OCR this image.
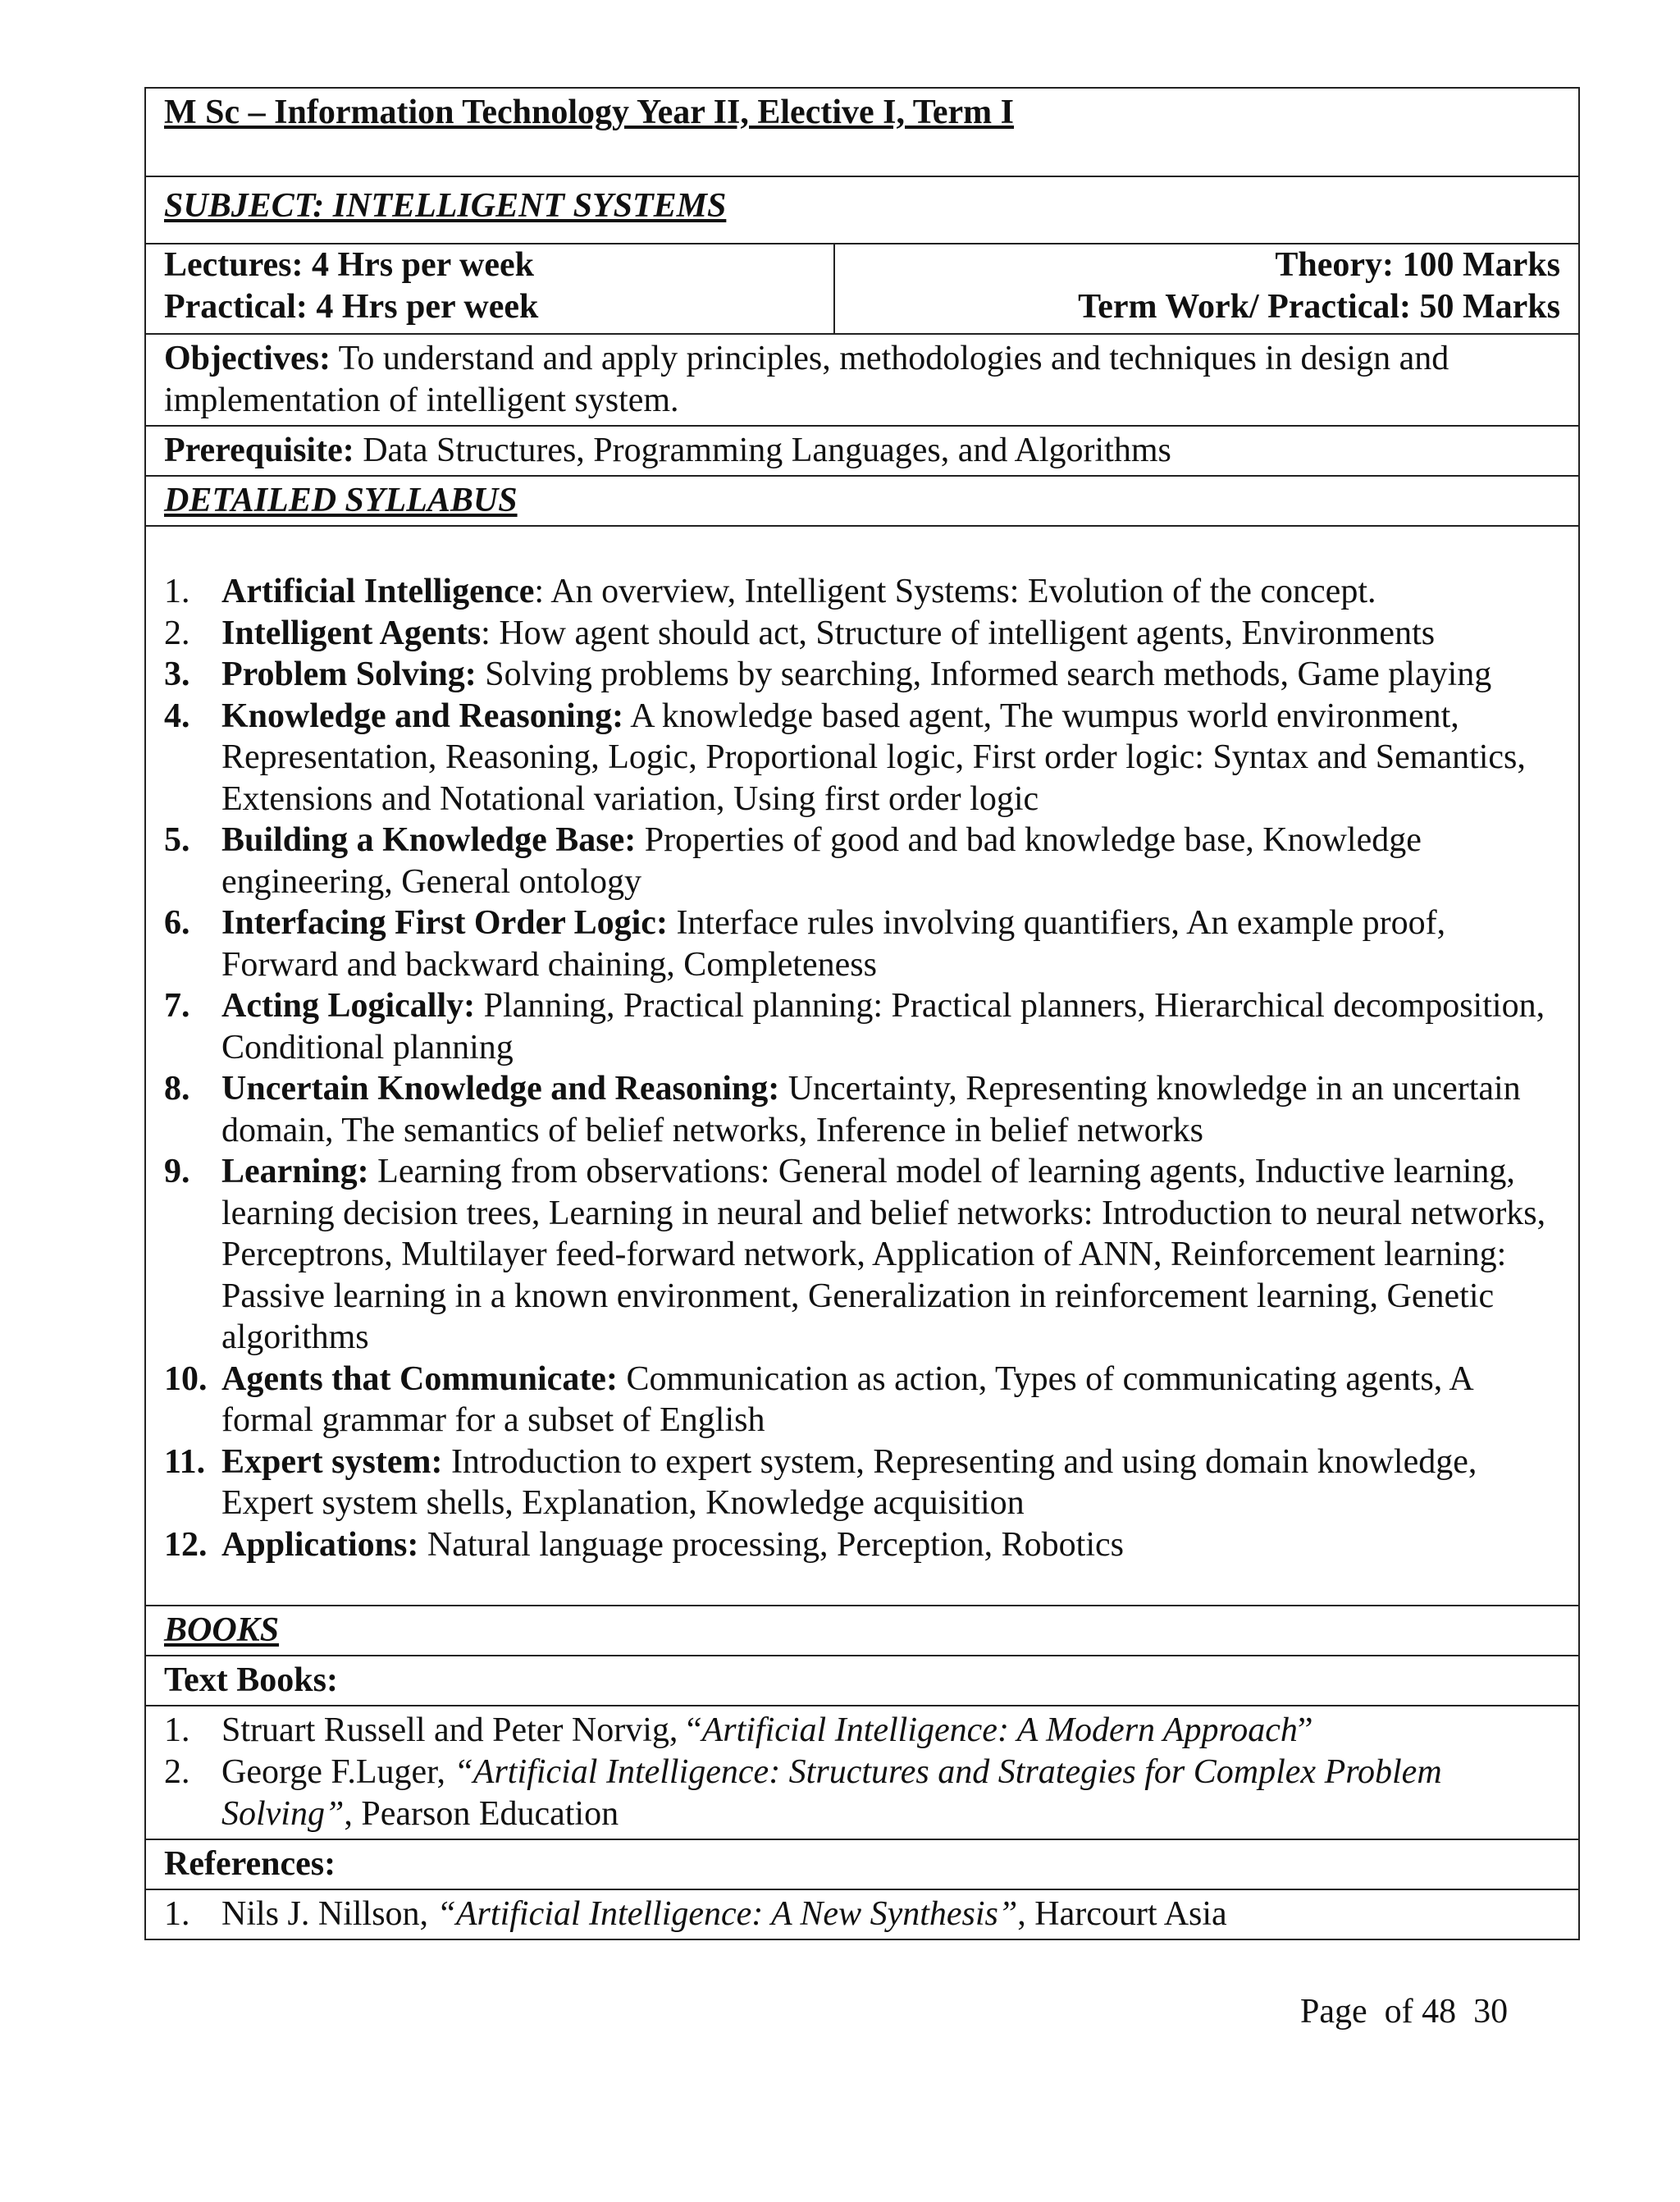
M Sc – Information Technology Year II, Elective I, Term I
SUBJECT: INTELLIGENT SYSTEMS
Lectures: 4 Hrs per week
Practical: 4 Hrs per week
Theory: 100 Marks
Term Work/ Practical: 50 Marks
Objectives: To understand and apply principles, methodologies and techniques in design and implementation of intelligent system.
Prerequisite: Data Structures, Programming Languages, and Algorithms
DETAILED SYLLABUS
1. Artificial Intelligence: An overview, Intelligent Systems: Evolution of the concept.
2. Intelligent Agents: How agent should act, Structure of intelligent agents, Environments
3. Problem Solving: Solving problems by searching, Informed search methods, Game playing
4. Knowledge and Reasoning: A knowledge based agent, The wumpus world environment, Representation, Reasoning, Logic, Proportional logic, First order logic: Syntax and Semantics, Extensions and Notational variation, Using first order logic
5. Building a Knowledge Base: Properties of good and bad knowledge base, Knowledge engineering, General ontology
6. Interfacing First Order Logic: Interface rules involving quantifiers, An example proof, Forward and backward chaining, Completeness
7. Acting Logically: Planning, Practical planning: Practical planners, Hierarchical decomposition, Conditional planning
8. Uncertain Knowledge and Reasoning: Uncertainty, Representing knowledge in an uncertain domain, The semantics of belief networks, Inference in belief networks
9. Learning: Learning from observations: General model of learning agents, Inductive learning, learning decision trees, Learning in neural and belief networks: Introduction to neural networks, Perceptrons, Multilayer feed-forward network, Application of ANN, Reinforcement learning: Passive learning in a known environment, Generalization in reinforcement learning, Genetic algorithms
10. Agents that Communicate: Communication as action, Types of communicating agents, A formal grammar for a subset of English
11. Expert system: Introduction to expert system, Representing and using domain knowledge, Expert system shells, Explanation, Knowledge acquisition
12. Applications: Natural language processing, Perception, Robotics
BOOKS
Text Books:
1. Struart Russell and Peter Norvig, “Artificial Intelligence: A Modern Approach”
2. George F.Luger, “Artificial Intelligence: Structures and Strategies for Complex Problem Solving”, Pearson Education
References:
1. Nils J. Nillson, “Artificial Intelligence: A New Synthesis”, Harcourt Asia
Page  of 48  30
